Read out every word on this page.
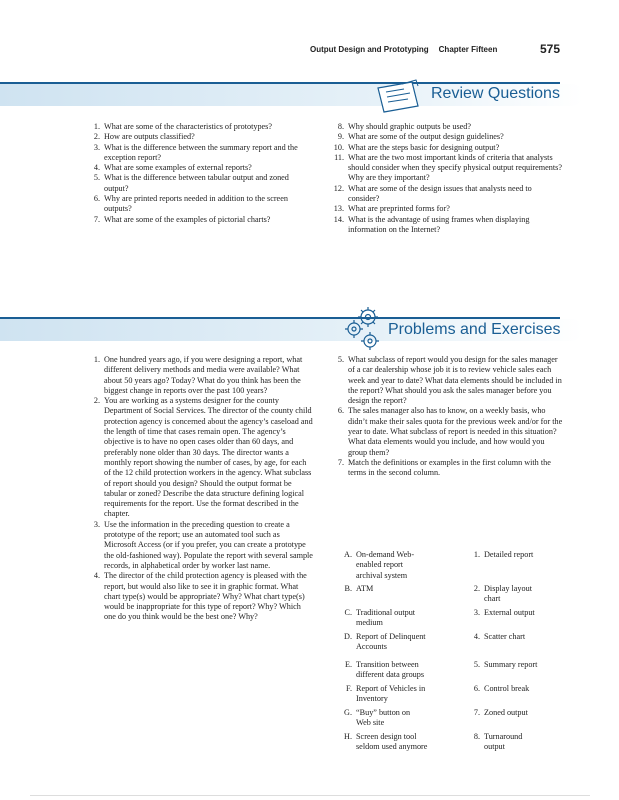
Output Design and Prototyping Chapter Fifteen	575
Review Questions
1. What are some of the characteristics of prototypes?
2. How are outputs classified?
3. What is the difference between the summary report and the exception report?
4. What are some examples of external reports?
5. What is the difference between tabular output and zoned output?
6. Why are printed reports needed in addition to the screen outputs?
7. What are some of the examples of pictorial charts?
8. Why should graphic outputs be used?
9. What are some of the output design guidelines?
10. What are the steps basic for designing output?
11. What are the two most important kinds of criteria that analysts should consider when they specify physical output requirements? Why are they important?
12. What are some of the design issues that analysts need to consider?
13. What are preprinted forms for?
14. What is the advantage of using frames when displaying information on the Internet?
Problems and Exercises
1. One hundred years ago, if you were designing a report, what different delivery methods and media were available? What about 50 years ago? Today? What do you think has been the biggest change in reports over the past 100 years?
2. You are working as a systems designer for the county Department of Social Services. The director of the county child protection agency is concerned about the agency’s caseload and the length of time that cases remain open. The agency’s objective is to have no open cases older than 60 days, and preferably none older than 30 days. The director wants a monthly report showing the number of cases, by age, for each of the 12 child protection workers in the agency. What subclass of report should you design? Should the output format be tabular or zoned? Describe the data structure defining logical requirements for the report. Use the format described in the chapter.
3. Use the information in the preceding question to create a prototype of the report; use an automated tool such as Microsoft Access (or if you prefer, you can create a prototype the old-fashioned way). Populate the report with several sample records, in alphabetical order by worker last name.
4. The director of the child protection agency is pleased with the report, but would also like to see it in graphic format. What chart type(s) would be appropriate? Why? What chart type(s) would be inappropriate for this type of report? Why? Which one do you think would be the best one? Why?
5. What subclass of report would you design for the sales manager of a car dealership whose job it is to review vehicle sales each week and year to date? What data elements should be included in the report? What should you ask the sales manager before you design the report?
6. The sales manager also has to know, on a weekly basis, who didn’t make their sales quota for the previous week and/or for the year to date. What subclass of report is needed in this situation? What data elements would you include, and how would you group them?
7. Match the definitions or examples in the first column with the terms in the second column.
A. On-demand Web-
enabled report
archival system
B. ATM
C. Traditional output
medium
D. Report of Delinquent
Accounts
E. Transition between
different data groups
F. Report of Vehicles in
Inventory
G. “Buy” button on
Web site
H. Screen design tool
seldom used anymore
1. Detailed report
2. Display layout
chart
3. External output
4. Scatter chart
5. Summary report
6. Control break
7. Zoned output
8. Turnaround
output
